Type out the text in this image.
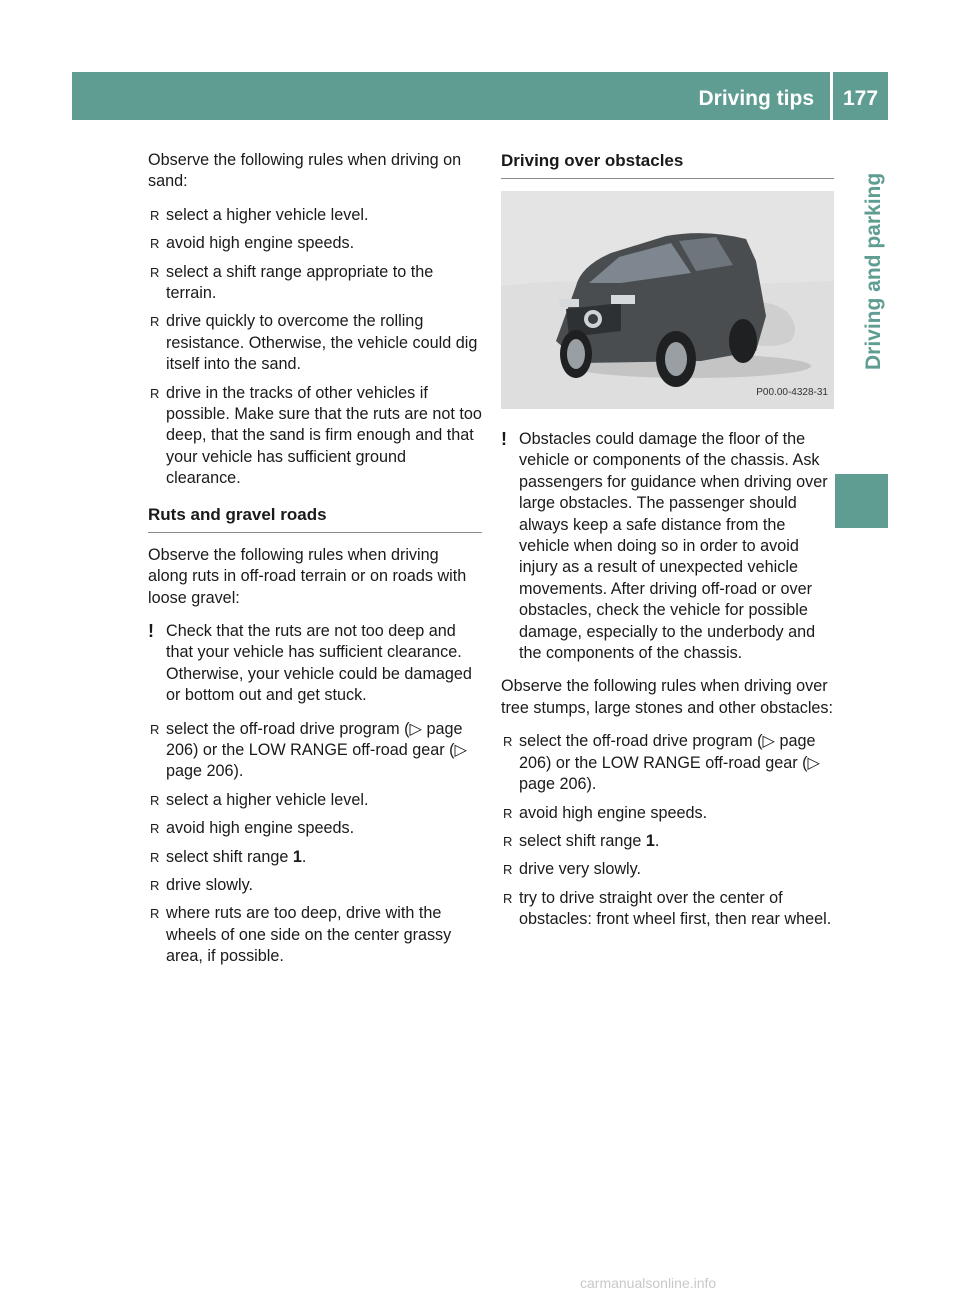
Driving tips	177
Driving and parking

Observe the following rules when driving on sand:

R select a higher vehicle level.
R avoid high engine speeds.
R select a shift range appropriate to the terrain.
R drive quickly to overcome the rolling resistance. Otherwise, the vehicle could dig itself into the sand.
R drive in the tracks of other vehicles if possible. Make sure that the ruts are not too deep, that the sand is firm enough and that your vehicle has sufficient ground clearance.
Ruts and gravel roads

Observe the following rules when driving along ruts in off-road terrain or on roads with loose gravel:

! Check that the ruts are not too deep and that your vehicle has sufficient clearance. Otherwise, your vehicle could be damaged or bottom out and get stuck.
R select the off-road drive program (▷ page 206) or the LOW RANGE off-road gear (▷ page 206).
R select a higher vehicle level.
R avoid high engine speeds.
R select shift range 1.
R drive slowly.
R where ruts are too deep, drive with the wheels of one side on the center grassy area, if possible.
Driving over obstacles
P00.00-4328-31
! Obstacles could damage the floor of the vehicle or components of the chassis. Ask passengers for guidance when driving over large obstacles. The passenger should always keep a safe distance from the vehicle when doing so in order to avoid injury as a result of unexpected vehicle movements. After driving off-road or over obstacles, check the vehicle for possible damage, especially to the underbody and the components of the chassis.

Observe the following rules when driving over tree stumps, large stones and other obstacles:

R select the off-road drive program (▷ page 206) or the LOW RANGE off-road gear (▷ page 206).
R avoid high engine speeds.
R select shift range 1.
R drive very slowly.
R try to drive straight over the center of obstacles: front wheel first, then rear wheel.
carmanualsonline.info
